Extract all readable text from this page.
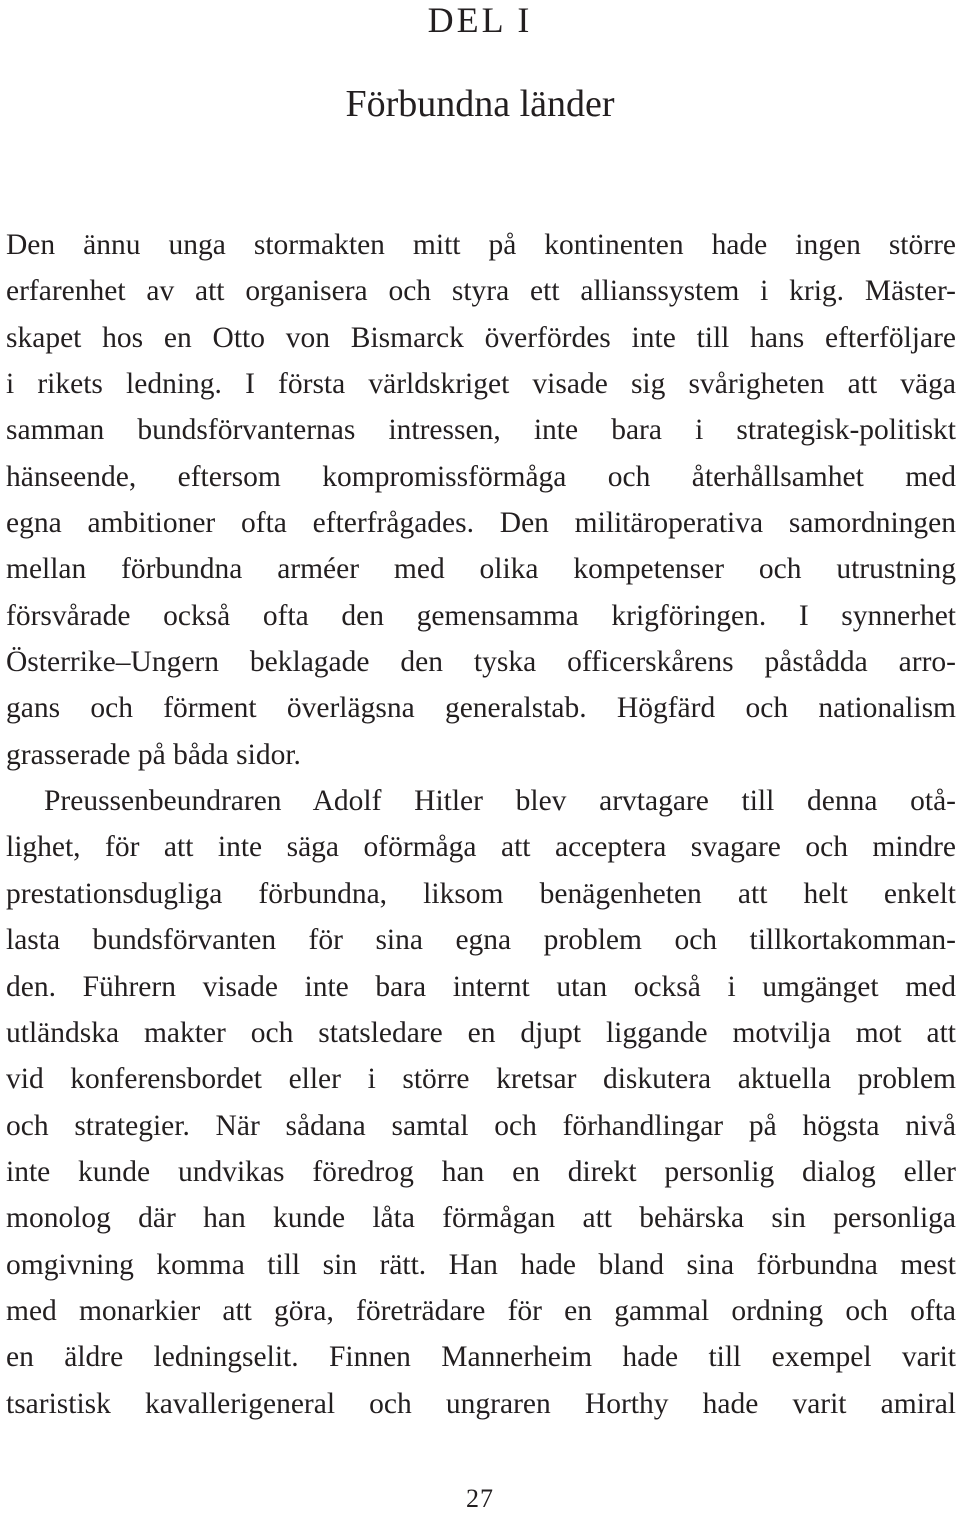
DEL I
Förbundna länder

Den ännu unga stormakten mitt på kontinenten hade ingen större
erfarenhet av att organisera och styra ett allianssystem i krig. Mäster-
skapet hos en Otto von Bismarck överfördes inte till hans efterföljare
i rikets ledning. I första världskriget visade sig svårigheten att väga
samman bundsförvanternas intressen, inte bara i strategisk-politiskt
hänseende, eftersom kompromissförmåga och återhållsamhet med
egna ambitioner ofta efterfrågades. Den militäroperativa samordningen
mellan förbundna arméer med olika kompetenser och utrustning
försvårade också ofta den gemensamma krigföringen. I synnerhet
Österrike–Ungern beklagade den tyska officerskårens påstådda arro-
gans och förment överlägsna generalstab. Högfärd och nationalism
grasserade på båda sidor.

Preussenbeundraren Adolf Hitler blev arvtagare till denna otå-
lighet, för att inte säga oförmåga att acceptera svagare och mindre
prestationsdugliga förbundna, liksom benägenheten att helt enkelt
lasta bundsförvanten för sina egna problem och tillkortakomman-
den. Führern visade inte bara internt utan också i umgänget med
utländska makter och statsledare en djupt liggande motvilja mot att
vid konferensbordet eller i större kretsar diskutera aktuella problem
och strategier. När sådana samtal och förhandlingar på högsta nivå
inte kunde undvikas föredrog han en direkt personlig dialog eller
monolog där han kunde låta förmågan att behärska sin personliga
omgivning komma till sin rätt. Han hade bland sina förbundna mest
med monarkier att göra, företrädare för en gammal ordning och ofta
en äldre ledningselit. Finnen Mannerheim hade till exempel varit
tsaristisk kavallerigeneral och ungraren Horthy hade varit amiral

27
